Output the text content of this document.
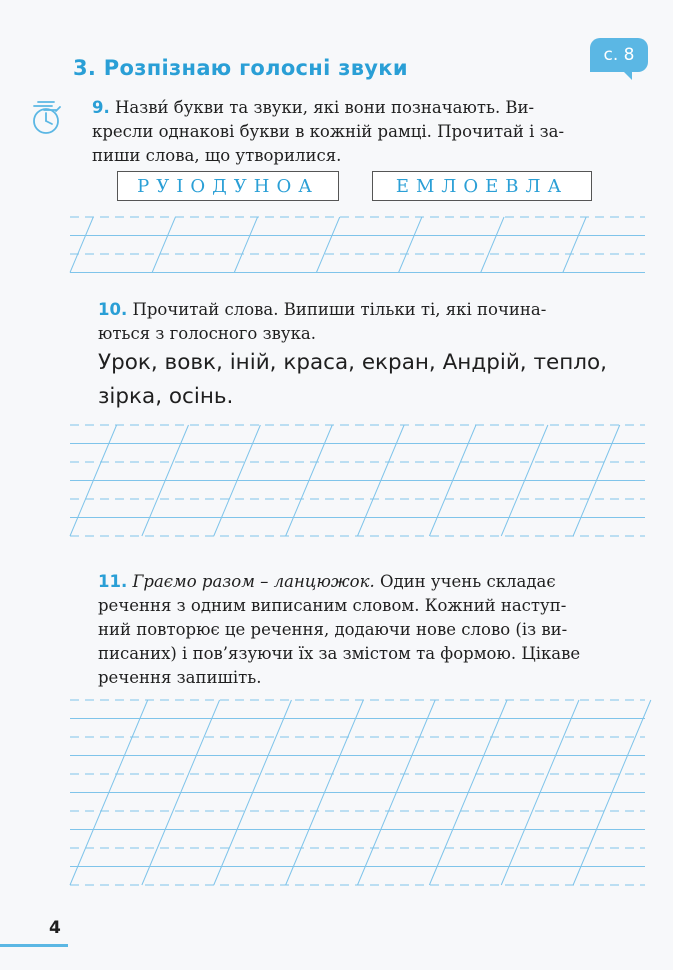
3. Розпізнаю голосні звуки
с. 8
9. Назви́ букви та звуки, які вони позначають. Ви-
кресли однакові букви в кожній рамці. Прочитай і за-
пиши слова, що утворилися.
РУІОДУНОА	ЕМЛОЕВЛА
10. Прочитай слова. Випиши тільки ті, які почина-
ються з голосного звука.
Урок, вовк, іній, краса, екран, Андрій, тепло,
зірка, осінь.
11. Граємо разом – ланцюжок. Один учень складає
речення з одним виписаним словом. Кожний наступ-
ний повторює це речення, додаючи нове слово (із ви-
писаних) і пов’язуючи їх за змістом та формою. Цікаве
речення запишіть.
4
